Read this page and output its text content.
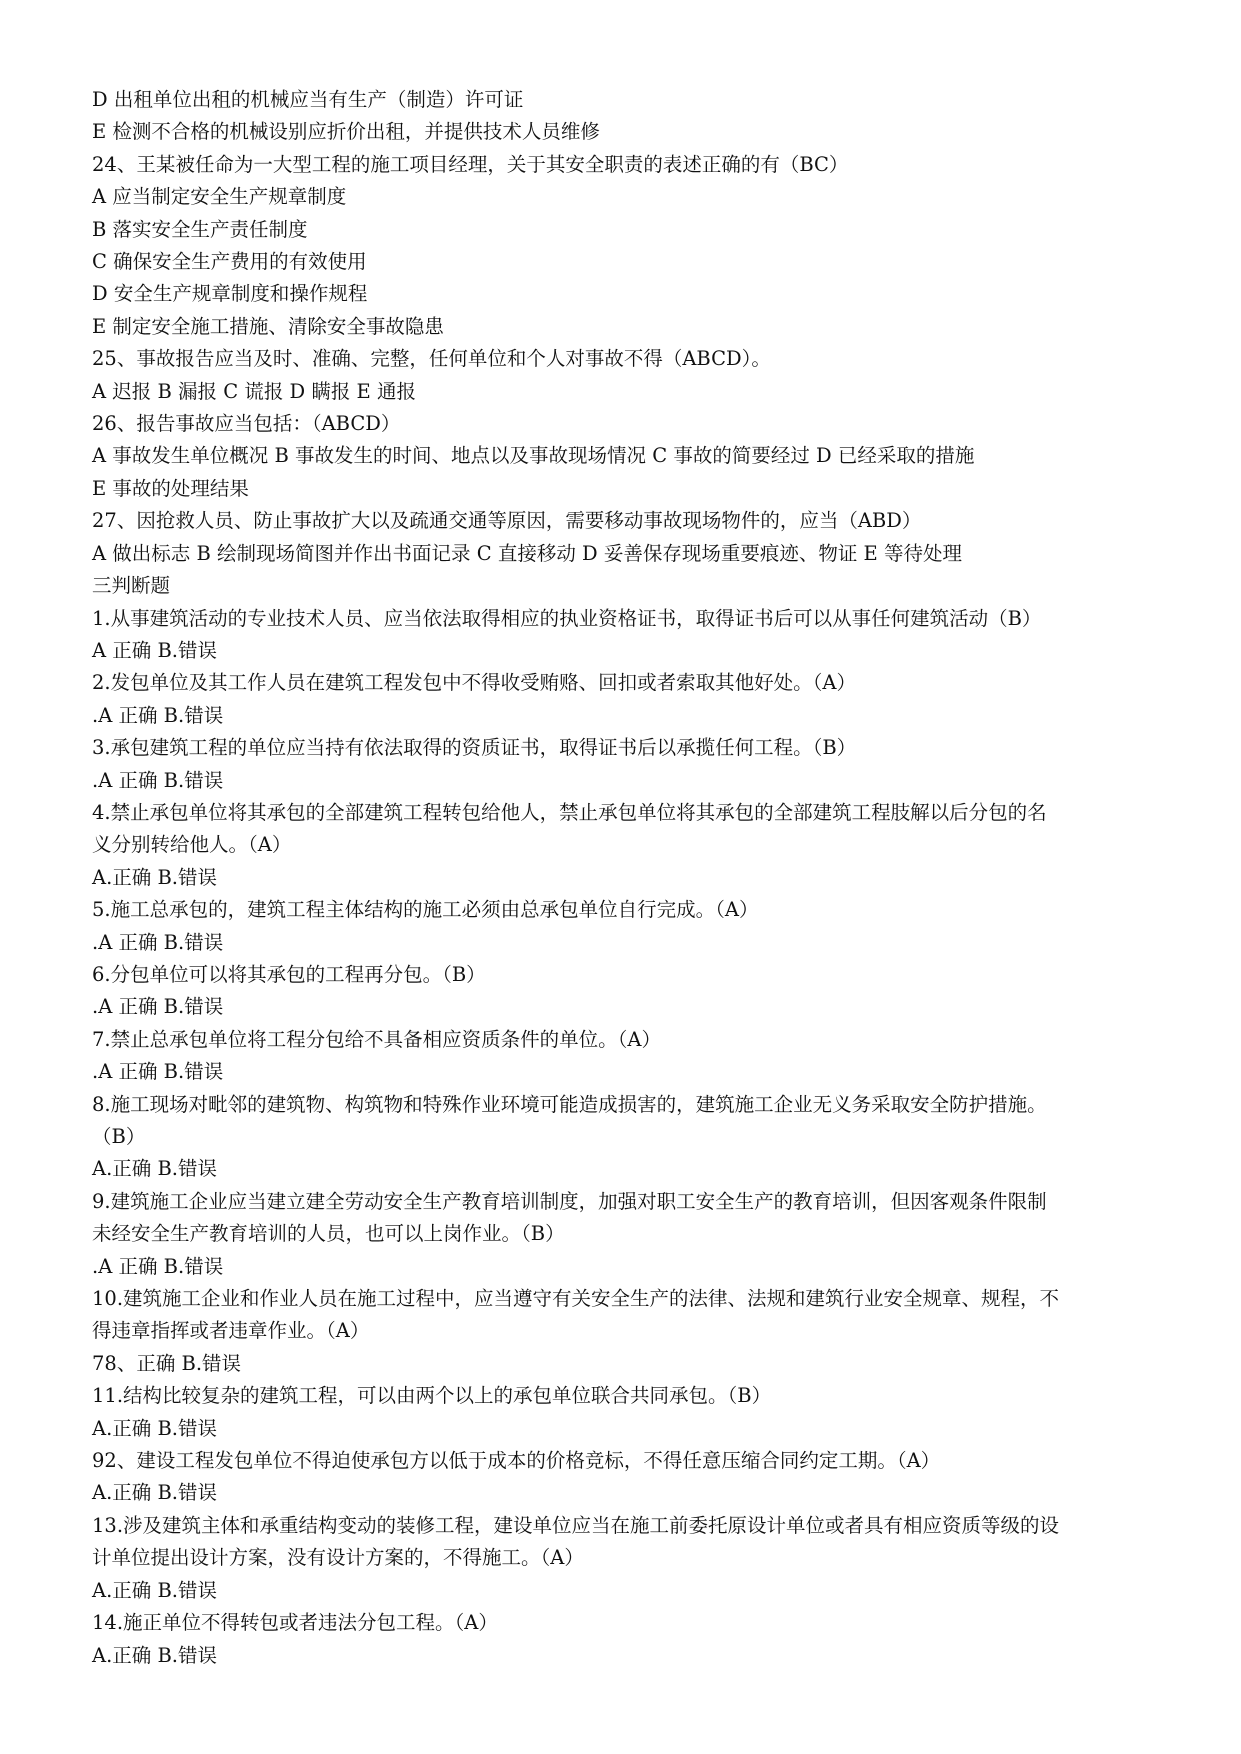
D 出租单位出租的机械应当有生产（制造）许可证
E 检测不合格的机械设别应折价出租，并提供技术人员维修
24、王某被任命为一大型工程的施工项目经理，关于其安全职责的表述正确的有（BC）
A 应当制定安全生产规章制度
B 落实安全生产责任制度
C 确保安全生产费用的有效使用
D 安全生产规章制度和操作规程
E 制定安全施工措施、清除安全事故隐患
25、事故报告应当及时、准确、完整，任何单位和个人对事故不得（ABCD）。
A 迟报 B 漏报 C 谎报 D 瞒报 E 通报
26、报告事故应当包括：（ABCD）
A 事故发生单位概况 B 事故发生的时间、地点以及事故现场情况 C 事故的简要经过 D 已经采取的措施
E 事故的处理结果
27、因抢救人员、防止事故扩大以及疏通交通等原因，需要移动事故现场物件的，应当（ABD）
A 做出标志 B 绘制现场简图并作出书面记录 C 直接移动 D 妥善保存现场重要痕迹、物证 E 等待处理
三判断题
1.从事建筑活动的专业技术人员、应当依法取得相应的执业资格证书，取得证书后可以从事任何建筑活动（B）
A 正确 B.错误
2.发包单位及其工作人员在建筑工程发包中不得收受贿赂、回扣或者索取其他好处。（A）
.A 正确 B.错误
3.承包建筑工程的单位应当持有依法取得的资质证书，取得证书后以承揽任何工程。（B）
.A 正确 B.错误
4.禁止承包单位将其承包的全部建筑工程转包给他人，禁止承包单位将其承包的全部建筑工程肢解以后分包的名
义分别转给他人。（A）
A.正确 B.错误
5.施工总承包的，建筑工程主体结构的施工必须由总承包单位自行完成。（A）
.A 正确 B.错误
6.分包单位可以将其承包的工程再分包。（B）
.A 正确 B.错误
7.禁止总承包单位将工程分包给不具备相应资质条件的单位。（A）
.A 正确 B.错误
8.施工现场对毗邻的建筑物、构筑物和特殊作业环境可能造成损害的，建筑施工企业无义务采取安全防护措施。
（B）
A.正确 B.错误
9.建筑施工企业应当建立建全劳动安全生产教育培训制度，加强对职工安全生产的教育培训，但因客观条件限制
未经安全生产教育培训的人员，也可以上岗作业。（B）
.A 正确 B.错误
10.建筑施工企业和作业人员在施工过程中，应当遵守有关安全生产的法律、法规和建筑行业安全规章、规程，不
得违章指挥或者违章作业。（A）
78、正确 B.错误
11.结构比较复杂的建筑工程，可以由两个以上的承包单位联合共同承包。（B）
A.正确 B.错误
92、建设工程发包单位不得迫使承包方以低于成本的价格竞标，不得任意压缩合同约定工期。（A）
A.正确 B.错误
13.涉及建筑主体和承重结构变动的装修工程，建设单位应当在施工前委托原设计单位或者具有相应资质等级的设
计单位提出设计方案，没有设计方案的，不得施工。（A）
A.正确 B.错误
14.施正单位不得转包或者违法分包工程。（A）
A.正确 B.错误
